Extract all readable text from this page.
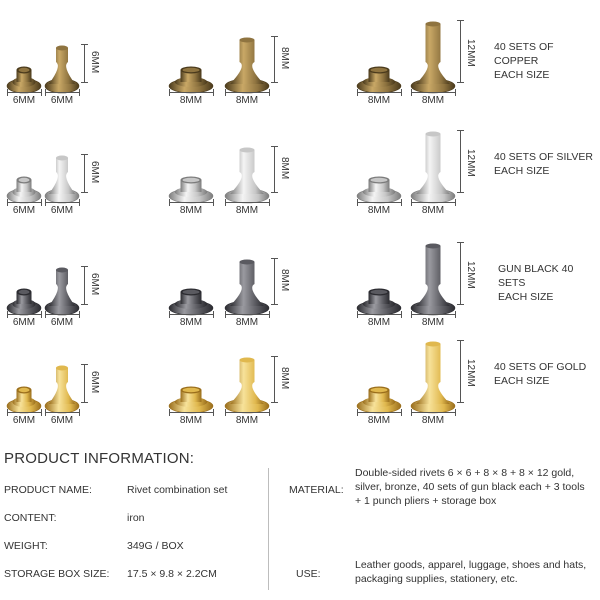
6MM	6MM
6MM
8MM	8MM
8MM
8MM	8MM
12MM 40 SETS OF COPPER
EACH SIZE
6MM	6MM
6MM
8MM	8MM
8MM
8MM	8MM
12MM 40 SETS OF SILVER
EACH SIZE
6MM	6MM
6MM
8MM	8MM
8MM
8MM	8MM
12MM GUN BLACK 40 SETS
EACH SIZE
6MM	6MM
6MM
8MM	8MM
8MM
8MM	8MM
12MM 40 SETS OF GOLD
EACH SIZE
PRODUCT INFORMATION:
PRODUCT NAME:	Rivet combination set
CONTENT:	iron
WEIGHT:	349G / BOX
STORAGE BOX SIZE: 17.5 × 9.8 × 2.2CM
MATERIAL:
Double-sided rivets 6 × 6 + 8 × 8 + 8 × 12 gold,
silver, bronze, 40 sets of gun black each + 3 tools
+ 1 punch pliers + storage box
USE:
Leather goods, apparel, luggage, shoes and hats,
packaging supplies, stationery, etc.
